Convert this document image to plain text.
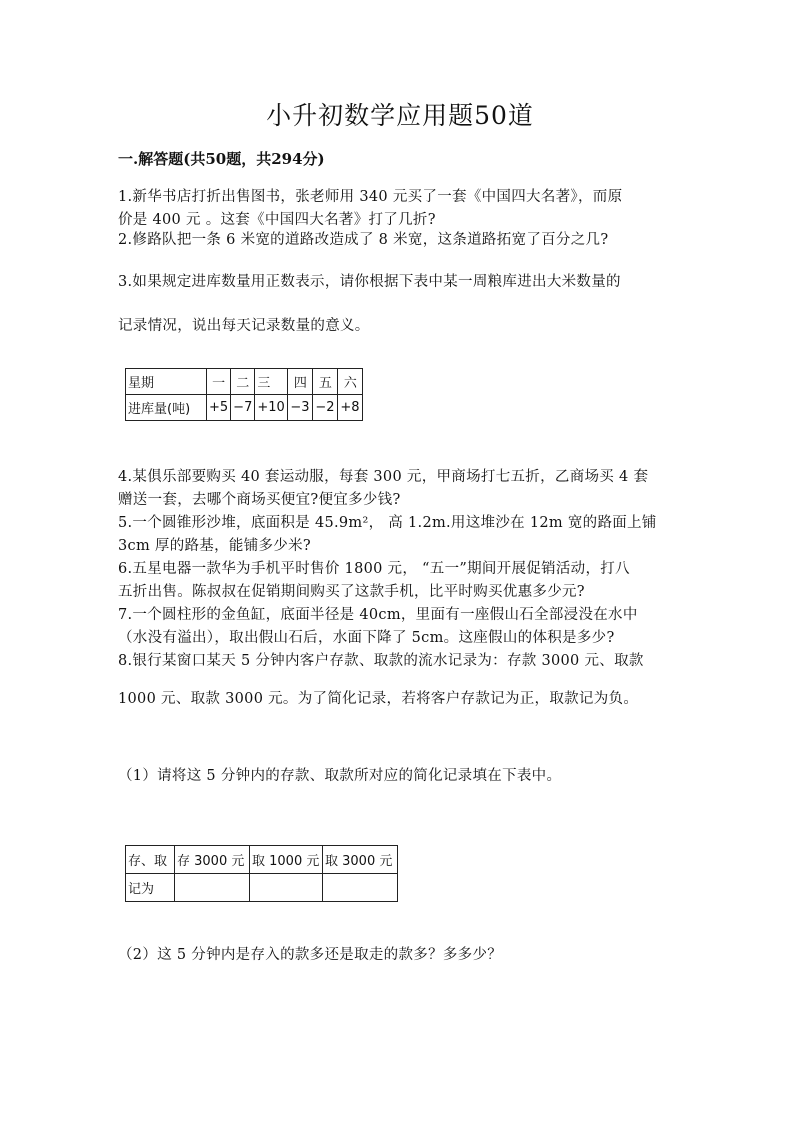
小升初数学应用题50道
一.解答题(共50题，共294分)
1.新华书店打折出售图书，张老师用 340 元买了一套《中国四大名著》，而原
价是 400 元 。这套《中国四大名著》打了几折?
2.修路队把一条 6 米宽的道路改造成了 8 米宽，这条道路拓宽了百分之几?
3.如果规定进库数量用正数表示，请你根据下表中某一周粮库进出大米数量的
记录情况，说出每天记录数量的意义。
星期	一	二	三	四	五	六
进库量(吨)	+5	−7	+10	−3	−2	+8
4.某俱乐部要购买 40 套运动服，每套 300 元，甲商场打七五折，乙商场买 4 套
赠送一套，去哪个商场买便宜?便宜多少钱?
5.一个圆锥形沙堆，底面积是 45.9m²， 高 1.2m.用这堆沙在 12m 宽的路面上铺
3cm 厚的路基，能铺多少米?
6.五星电器一款华为手机平时售价 1800 元， “五一”期间开展促销活动，打八
五折出售。陈叔叔在促销期间购买了这款手机，比平时购买优惠多少元?
7.一个圆柱形的金鱼缸，底面半径是 40cm，里面有一座假山石全部浸没在水中
（水没有溢出），取出假山石后，水面下降了 5cm。这座假山的体积是多少?
8.银行某窗口某天 5 分钟内客户存款、取款的流水记录为：存款 3000 元、取款
1000 元、取款 3000 元。为了简化记录，若将客户存款记为正，取款记为负。
（1）请将这 5 分钟内的存款、取款所对应的简化记录填在下表中。
存、取	存 3000 元	取 1000 元	取 3000 元
记为			
（2）这 5 分钟内是存入的款多还是取走的款多？多多少？
